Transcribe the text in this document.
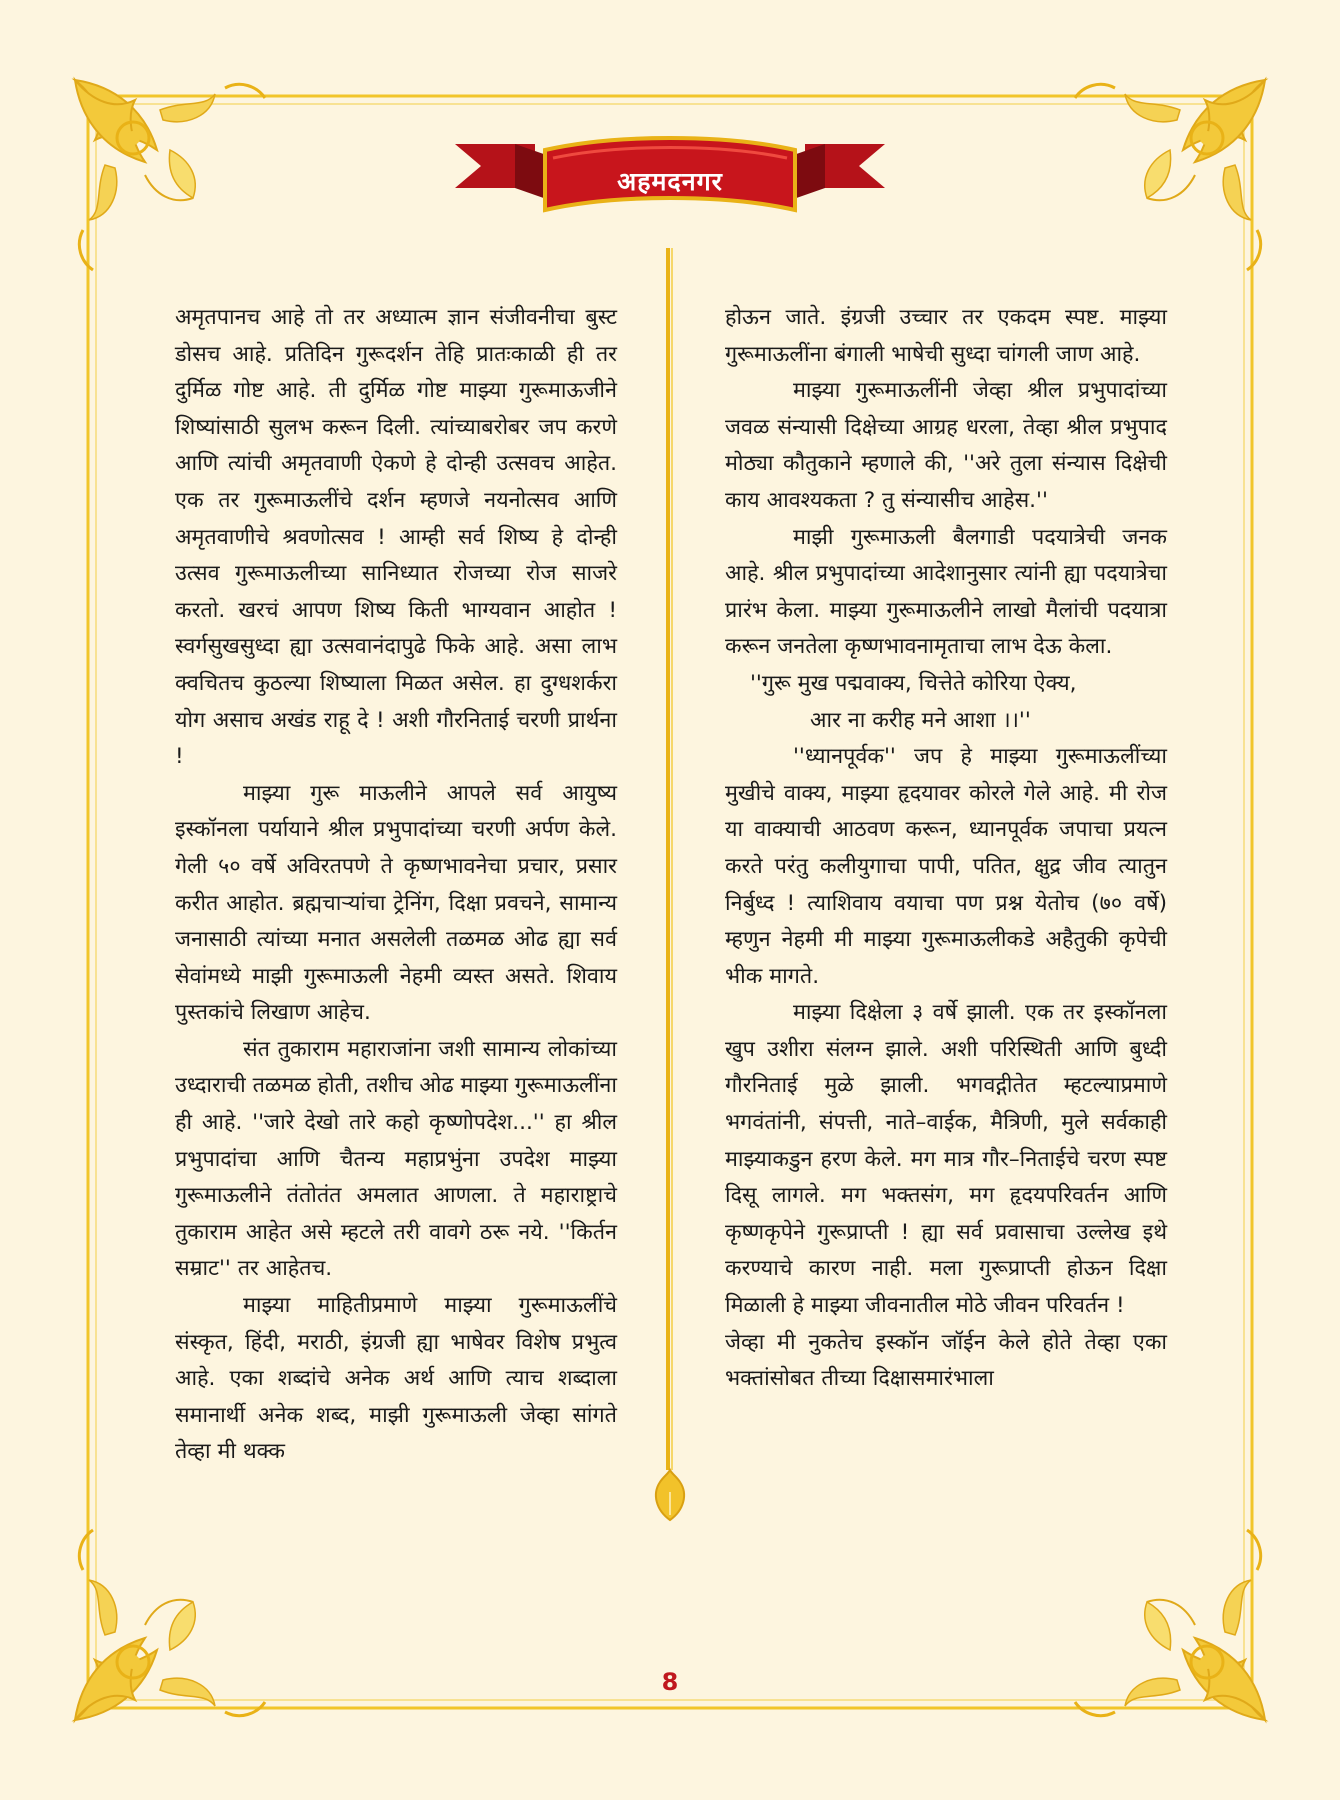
अहमदनगर

अमृतपानच आहे तो तर अध्यात्म ज्ञान संजीवनीचा बुस्ट डोसच आहे. प्रतिदिन गुरूदर्शन तेहि प्रातःकाळी ही तर दुर्मिळ गोष्ट आहे. ती दुर्मिळ गोष्ट माझ्या गुरूमाऊजीने शिष्यांसाठी सुलभ करून दिली. त्यांच्याबरोबर जप करणे आणि त्यांची अमृतवाणी ऐकणे हे दोन्ही उत्सवच आहेत. एक तर गुरूमाऊलींचे दर्शन म्हणजे नयनोत्सव आणि अमृतवाणीचे श्रवणोत्सव ! आम्ही सर्व शिष्य हे दोन्ही उत्सव गुरूमाऊलीच्या सानिध्यात रोजच्या रोज साजरे करतो. खरचं आपण शिष्य किती भाग्यवान आहोत ! स्वर्गसुखसुध्दा ह्या उत्सवानंदापुढे फिके आहे. असा लाभ क्वचितच कुठल्या शिष्याला मिळत असेल. हा दुग्धशर्करा योग असाच अखंड राहू दे ! अशी गौरनिताई चरणी प्रार्थना !

माझ्या गुरू माऊलीने आपले सर्व आयुष्य इस्कॉनला पर्यायाने श्रील प्रभुपादांच्या चरणी अर्पण केले. गेली ५० वर्षे अविरतपणे ते कृष्णभावनेचा प्रचार, प्रसार करीत आहोत. ब्रह्मचाऱ्यांचा ट्रेनिंग, दिक्षा प्रवचने, सामान्य जनासाठी त्यांच्या मनात असलेली तळमळ ओढ ह्या सर्व सेवांमध्ये माझी गुरूमाऊली नेहमी व्यस्त असते. शिवाय पुस्तकांचे लिखाण आहेच.

संत तुकाराम महाराजांना जशी सामान्य लोकांच्या उध्दाराची तळमळ होती, तशीच ओढ माझ्या गुरूमाऊलींना ही आहे. ''जारे देखो तारे कहो कृष्णोपदेश...'' हा श्रील प्रभुपादांचा आणि चैतन्य महाप्रभुंना उपदेश माझ्या गुरूमाऊलीने तंतोतंत अमलात आणला. ते महाराष्ट्राचे तुकाराम आहेत असे म्हटले तरी वावगे ठरू नये. ''किर्तन सम्राट'' तर आहेतच.

माझ्या माहितीप्रमाणे माझ्या गुरूमाऊलींचे संस्कृत, हिंदी, मराठी, इंग्रजी ह्या भाषेवर विशेष प्रभुत्व आहे. एका शब्दांचे अनेक अर्थ आणि त्याच शब्दाला समानार्थी अनेक शब्द, माझी गुरूमाऊली जेव्हा सांगते तेव्हा मी थक्क

होऊन जाते. इंग्रजी उच्चार तर एकदम स्पष्ट. माझ्या गुरूमाऊलींना बंगाली भाषेची सुध्दा चांगली जाण आहे.

माझ्या गुरूमाऊलींनी जेव्हा श्रील प्रभुपादांच्या जवळ संन्यासी दिक्षेच्या आग्रह धरला, तेव्हा श्रील प्रभुपाद मोठ्या कौतुकाने म्हणाले की, ''अरे तुला संन्यास दिक्षेची काय आवश्यकता ? तु संन्यासीच आहेस.''

माझी गुरूमाऊली बैलगाडी पदयात्रेची जनक आहे. श्रील प्रभुपादांच्या आदेशानुसार त्यांनी ह्या पदयात्रेचा प्रारंभ केला. माझ्या गुरूमाऊलीने लाखो मैलांची पदयात्रा करून जनतेला कृष्णभावनामृताचा लाभ देऊ केला.

''गुरू मुख पद्मवाक्य, चित्तेते कोरिया ऐक्य,

आर ना करीह मने आशा ।।''

''ध्यानपूर्वक'' जप हे माझ्या गुरूमाऊलींच्या मुखीचे वाक्य, माझ्या हृदयावर कोरले गेले आहे. मी रोज या वाक्याची आठवण करून, ध्यानपूर्वक जपाचा प्रयत्न करते परंतु कलीयुगाचा पापी, पतित, क्षुद्र जीव त्यातुन निर्बुध्द ! त्याशिवाय वयाचा पण प्रश्न येतोच (७० वर्षे) म्हणुन नेहमी मी माझ्या गुरूमाऊलीकडे अहैतुकी कृपेची भीक मागते.

माझ्या दिक्षेला ३ वर्षे झाली. एक तर इस्कॉनला खुप उशीरा संलग्न झाले. अशी परिस्थिती आणि बुध्दी गौरनिताई मुळे झाली. भगवद्गीतेत म्हटल्याप्रमाणे भगवंतांनी, संपत्ती, नाते–वाईक, मैत्रिणी, मुले सर्वकाही माझ्याकडुन हरण केले. मग मात्र गौर–निताईचे चरण स्पष्ट दिसू लागले. मग भक्तसंग, मग हृदयपरिवर्तन आणि कृष्णकृपेने गुरूप्राप्ती ! ह्या सर्व प्रवासाचा उल्लेख इथे करण्याचे कारण नाही. मला गुरूप्राप्ती होऊन दिक्षा मिळाली हे माझ्या जीवनातील मोठे जीवन परिवर्तन !

जेव्हा मी नुकतेच इस्कॉन जॉईन केले होते तेव्हा एका भक्तांसोबत तीच्या दिक्षासमारंभाला

8
